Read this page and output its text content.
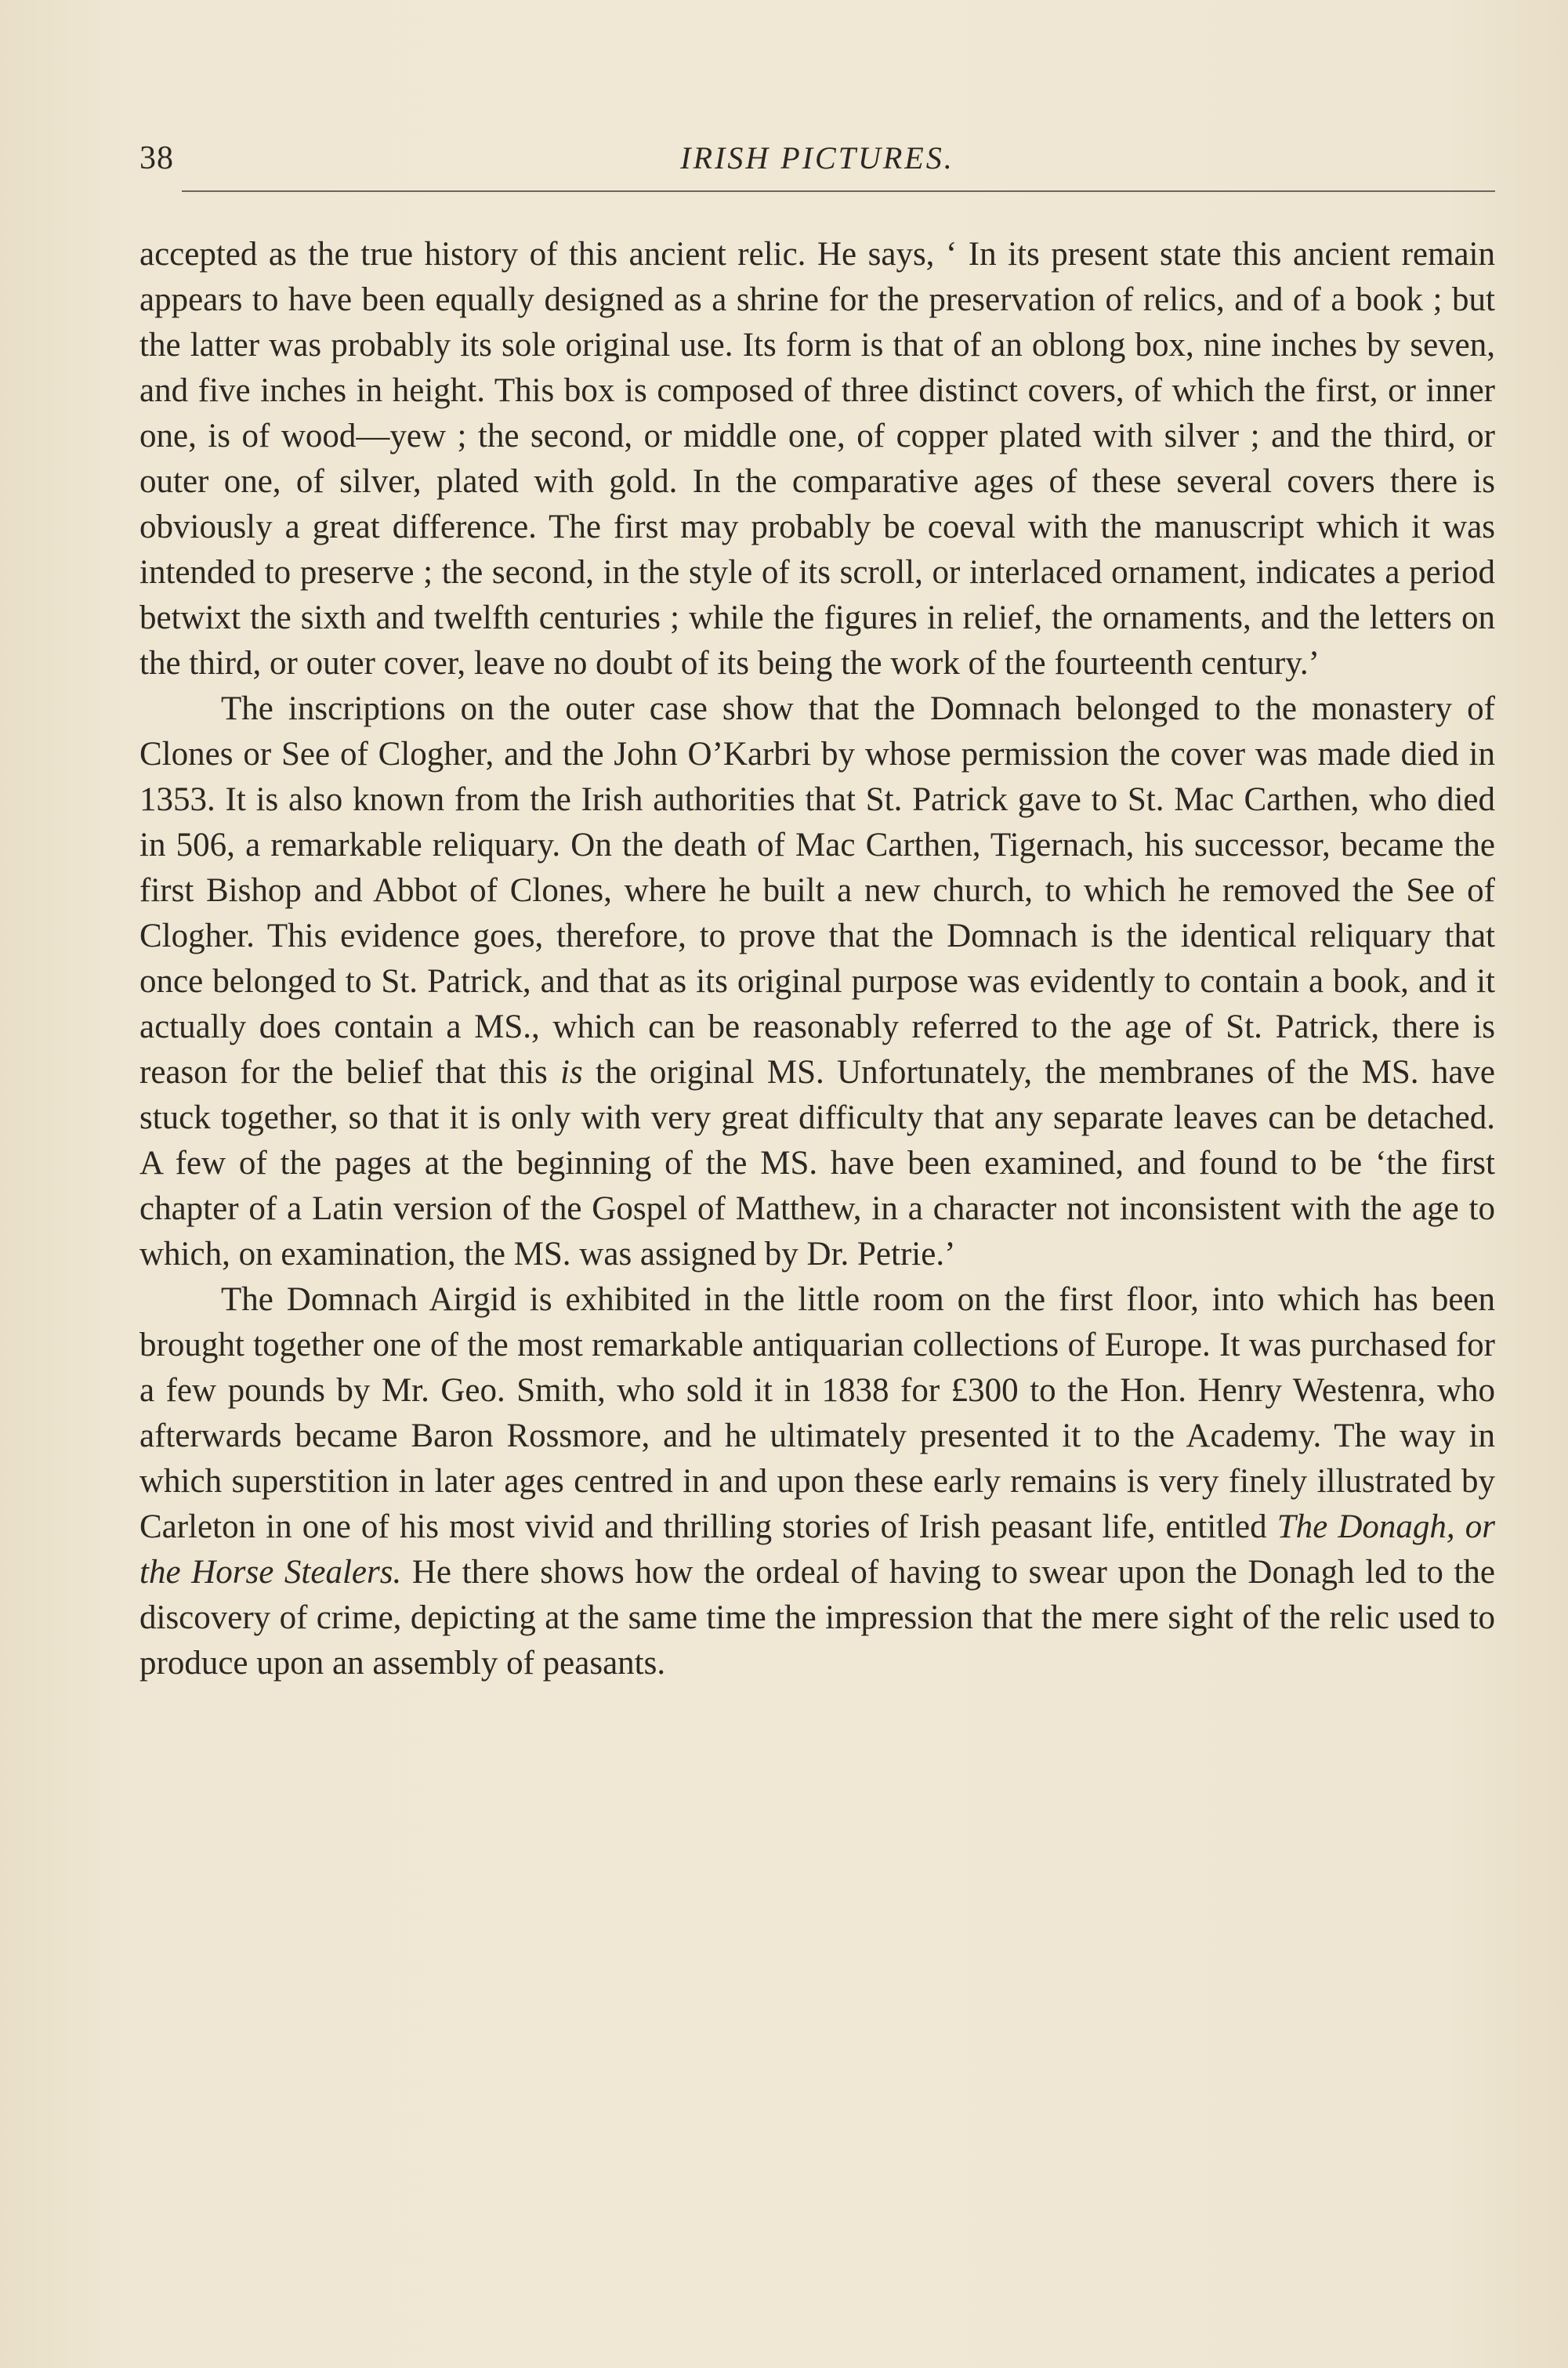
38	IRISH PICTURES.

accepted as the true history of this ancient relic. He says, ‘ In its present state this ancient remain appears to have been equally designed as a shrine for the preservation of relics, and of a book ; but the latter was probably its sole original use. Its form is that of an oblong box, nine inches by seven, and five inches in height. This box is composed of three distinct covers, of which the first, or inner one, is of wood—yew ; the second, or middle one, of copper plated with silver ; and the third, or outer one, of silver, plated with gold. In the comparative ages of these several covers there is obviously a great difference. The first may probably be coeval with the manuscript which it was intended to preserve ; the second, in the style of its scroll, or interlaced ornament, indicates a period betwixt the sixth and twelfth centuries ; while the figures in relief, the ornaments, and the letters on the third, or outer cover, leave no doubt of its being the work of the fourteenth century.’

The inscriptions on the outer case show that the Domnach belonged to the monastery of Clones or See of Clogher, and the John O’Karbri by whose permission the cover was made died in 1353. It is also known from the Irish authorities that St. Patrick gave to St. Mac Carthen, who died in 506, a remarkable reliquary. On the death of Mac Carthen, Tigernach, his successor, became the first Bishop and Abbot of Clones, where he built a new church, to which he removed the See of Clogher. This evidence goes, therefore, to prove that the Domnach is the identical reliquary that once belonged to St. Patrick, and that as its original purpose was evidently to contain a book, and it actually does contain a MS., which can be reasonably referred to the age of St. Patrick, there is reason for the belief that this is the original MS. Unfortunately, the membranes of the MS. have stuck together, so that it is only with very great difficulty that any separate leaves can be detached. A few of the pages at the beginning of the MS. have been examined, and found to be ‘the first chapter of a Latin version of the Gospel of Matthew, in a character not inconsistent with the age to which, on examination, the MS. was assigned by Dr. Petrie.’

The Domnach Airgid is exhibited in the little room on the first floor, into which has been brought together one of the most remarkable antiquarian collections of Europe. It was purchased for a few pounds by Mr. Geo. Smith, who sold it in 1838 for £300 to the Hon. Henry Westenra, who afterwards became Baron Rossmore, and he ultimately presented it to the Academy. The way in which superstition in later ages centred in and upon these early remains is very finely illustrated by Carleton in one of his most vivid and thrilling stories of Irish peasant life, entitled The Donagh, or the Horse Stealers. He there shows how the ordeal of having to swear upon the Donagh led to the discovery of crime, depicting at the same time the impression that the mere sight of the relic used to produce upon an assembly of peasants.
